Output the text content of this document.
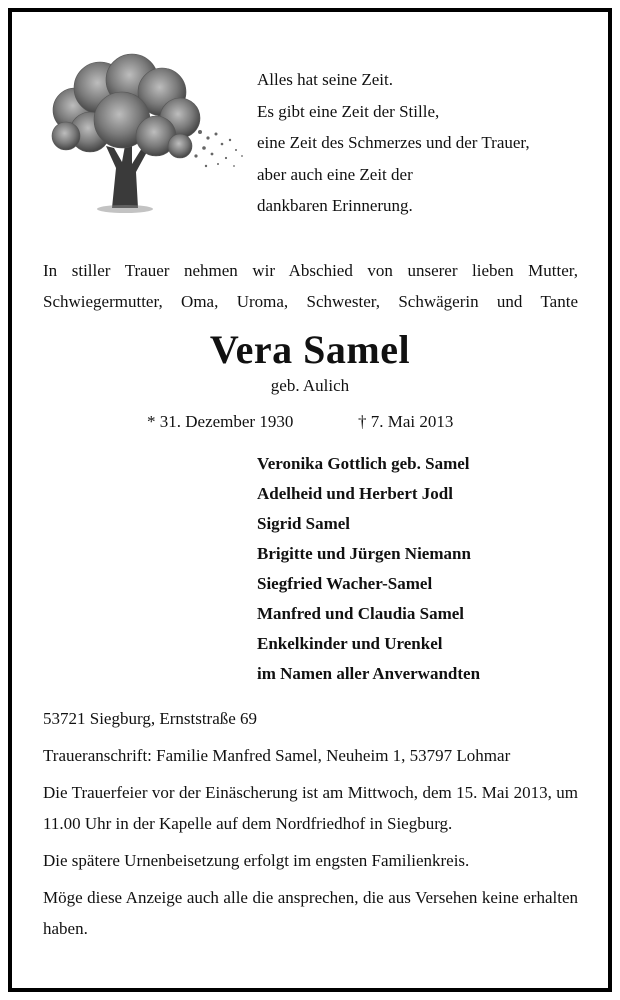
Alles hat seine Zeit.
Es gibt eine Zeit der Stille,
eine Zeit des Schmerzes und der Trauer,
aber auch eine Zeit der
dankbaren Erinnerung.
In stiller Trauer nehmen wir Abschied von unserer lieben Mutter,
Schwiegermutter, Oma, Uroma, Schwester, Schwägerin und Tante
Vera Samel
geb. Aulich
* 31. Dezember 1930	† 7. Mai 2013
Veronika Gottlich geb. Samel
Adelheid und Herbert Jodl
Sigrid Samel
Brigitte und Jürgen Niemann
Siegfried Wacher-Samel
Manfred und Claudia Samel
Enkelkinder und Urenkel
im Namen aller Anverwandten

53721 Siegburg, Ernststraße 69

Traueranschrift: Familie Manfred Samel, Neuheim 1, 53797 Lohmar

Die Trauerfeier vor der Einäscherung ist am Mittwoch, dem 15. Mai 2013, um 11.00 Uhr in der Kapelle auf dem Nordfriedhof in Siegburg.

Die spätere Urnenbeisetzung erfolgt im engsten Familienkreis.

Möge diese Anzeige auch alle die ansprechen, die aus Versehen keine erhalten haben.
